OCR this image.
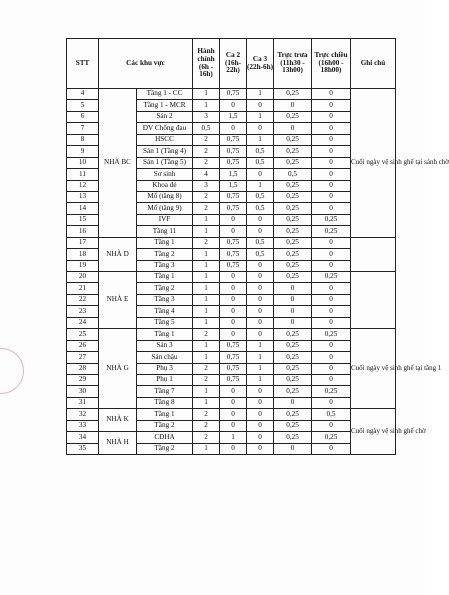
STT	Các khu vực		Hành chính (6h - 16h)	Ca 2 (16h-22h)	Ca 3 (22h-6h)	Trực trưa (11h30 - 13h00)	Trực chiều (16h00 - 18h00)	Ghi chú
4	NHÀ BC	Tầng 1 - CC	1	0,75	1	0,25	0	Cuối ngày vệ sinh ghế tại sảnh chờ
5		Tầng 1 - MCR	1	0	0	0	0	
6		Sản 2	3	1,5	1	0,25	0	
7		ĐV Chống đau	0,5	0	0	0	0	
8		HSCC	2	0,75	1	0,25	0	
9		Sản 1 (Tầng 4)	2	0,75	0,5	0,25	0	
10		Sản 1 (Tầng 5)	2	0,75	0,5	0,25	0	
11		Sơ sinh	4	1,5	0	0,5	0	
12		Khoa đẻ	3	1,5	1	0,25	0	
13		Mổ (tầng 8)	2	0,75	0,5	0,25	0	
14		Mổ (tầng 9)	2	0,75	0,5	0,25	0	
15		IVF	1	0	0	0,25	0,25	
16		Tầng 11	1	0	0	0,25	0,25	
17	NHÀ D	Tầng 1	2	0,75	0,5	0,25	0	
18		Tầng 2	1	0,75	0,5	0,25	0	
19		Tầng 3	1	0,75	0	0,25	0	
20	NHÀ E	Tầng 1	1	0	0	0,25	0,25	
21		Tầng 2	1	0	0	0	0	
22		Tầng 3	1	0	0	0	0	
23		Tầng 4	1	0	0	0	0	
24		Tầng 5	1	0	0	0	0	
25	NHÀ G	Tầng 1	2	0	0	0,25	0,25	Cuối ngày vệ sinh ghế tại tầng 1
26		Sản 3	1	0,75	1	0,25	0	
27		Sản chậu	1	0,75	1	0,25	0	
28		Phụ 3	2	0,75	1	0,25	0	
29		Phụ 1	2	0,75	1	0,25	0	
30		Tầng 7	1	0	0	0,25	0,25	
31		Tầng 8	1	0	0	0	0	
32	NHÀ K	Tầng 1	2	0	0	0,25	0,5	Cuối ngày vệ sinh ghế chờ
33		Tầng 2	2	0	0	0,25	0	
34	NHÀ H	CĐHA	2	1	0	0,25	0,25	
35		Tầng 2	1	0	0	0	0	
